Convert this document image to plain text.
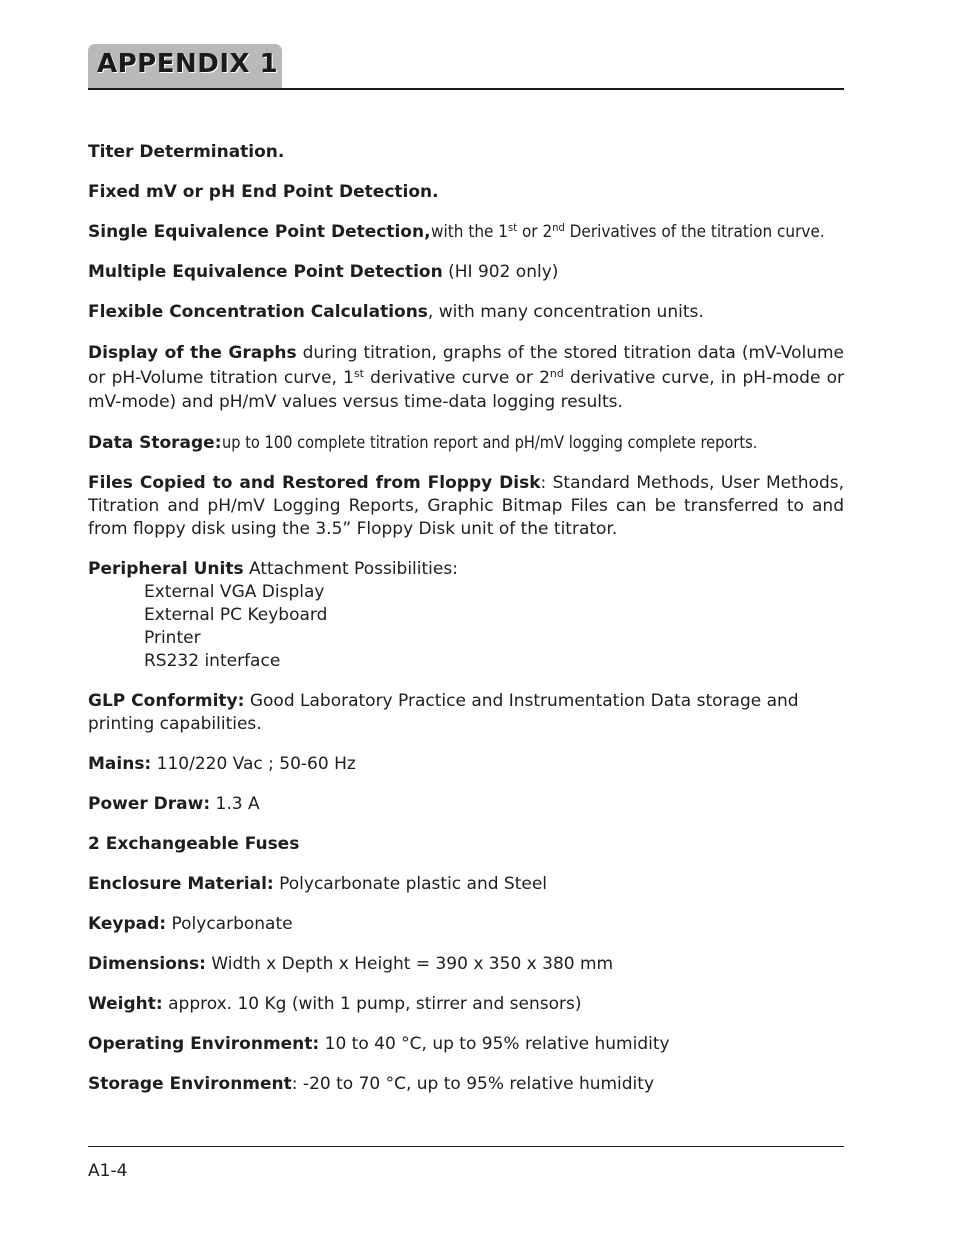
APPENDIX 1

Titer Determination.

Fixed mV or pH End Point Detection.

Single Equivalence Point Detection,with the 1st or 2nd Derivatives of the titration curve.

Multiple Equivalence Point Detection (HI 902 only)

Flexible Concentration Calculations, with many concentration units.

Display of the Graphs during titration, graphs of the stored titration data (mV-Volume or pH-Volume titration curve, 1st derivative curve or 2nd derivative curve, in pH-mode or mV-mode) and pH/mV values versus time-data logging results.

Data Storage:up to 100 complete titration report and pH/mV logging complete reports.

Files Copied to and Restored from Floppy Disk: Standard Methods, User Methods, Titration and pH/mV Logging Reports, Graphic Bitmap Files can be transferred to and from floppy disk using the 3.5” Floppy Disk unit of the titrator.

Peripheral Units Attachment Possibilities:
External VGA Display
External PC Keyboard
Printer
RS232 interface

GLP Conformity: Good Laboratory Practice and Instrumentation Data storage and printing capabilities.

Mains: 110/220 Vac ; 50-60 Hz

Power Draw: 1.3 A

2 Exchangeable Fuses

Enclosure Material: Polycarbonate plastic and Steel

Keypad: Polycarbonate

Dimensions: Width x Depth x Height = 390 x 350 x 380 mm

Weight: approx. 10 Kg (with 1 pump, stirrer and sensors)

Operating Environment: 10 to 40 °C, up to 95% relative humidity

Storage Environment: -20 to 70 °C, up to 95% relative humidity

A1-4
